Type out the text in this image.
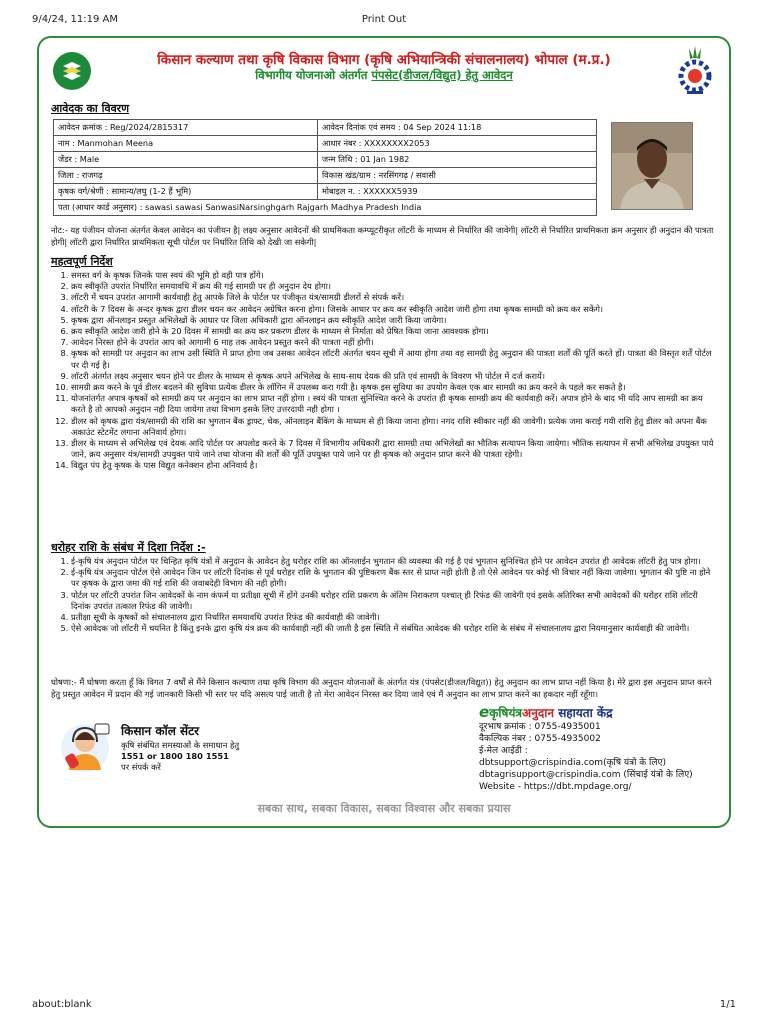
9/4/24, 11:19 AM	Print Out
किसान कल्याण तथा कृषि विकास विभाग (कृषि अभियान्त्रिकी संचालनालय) भोपाल (म.प्र.)
विभागीय योजनाओ अंतर्गत पंपसेट(डीजल/विद्युत) हेतु आवेदन
आवेदक का विवरण
आवेदन क्रमांक : Reg/2024/2815317	आवेदन दिनांक एवं समय : 04 Sep 2024 11:18
नाम : Manmohan Meena	आधार नंबर : XXXXXXXX2053
जेंडर : Male	जन्म तिथि : 01 Jan 1982
जिला : राजगढ़	विकास खंड/ग्राम : नरसिंगगढ़ / सवासी
कृषक वर्ग/श्रेणी : सामान्य/लघु (1-2 हैं भूमि)	मोबाइल न. : XXXXXX5939
पता (आधार कार्ड अनुसार) : sawasi sawasi SanwasiNarsinghgarh Rajgarh Madhya Pradesh India	
नोट:- यह पंजीयन योजना अंतर्गत केवल आवेदन का पंजीयन है| लक्ष्य अनुसार आवेदनों की प्राथमिकता कम्प्यूटरीकृत लॉटरी के माध्यम से निर्धारित की जावेगी| लॉटरी से निर्धारित प्राथमिकता क्रम अनुसार ही अनुदान की पात्रता होगी| लॉटरी द्वारा निर्धारित प्राथमिकता सूची पोर्टल पर निर्धारित तिथि को देखी जा सकेगी|
महत्वपूर्ण निर्देश
1. समस्त वर्ग के कृषक जिनके पास स्वयं की भूमि हो वही पात्र होंगे।
2. क्रय स्वीकृति उपरांत निर्धारित समयावधि में क्रय की गई सामग्री पर ही अनुदान देय होगा।
3. लॉटरी में चयन उपरांत आगामी कार्यवाही हेतु आपके जिले के पोर्टल पर पंजीकृत यंत्र/सामग्री डीलरों से संपर्क करें।
4. लॉटरी के 7 दिवस के अन्दर कृषक द्वारा डीलर चयन कर आवेदन अग्रेषित करना होगा। जिसके आधार पर क्रय कर स्वीकृति आदेश जारी होगा तथा कृषक सामग्री को क्रय कर सकेंगे।
5. कृषक द्वारा ऑनलाइन प्रस्तुत अभिलेखों के आधार पर जिला अधिकारी द्वारा ऑनलाइन क्रय स्वीकृति आदेश जारी किया जायेगा।
6. क्रय स्वीकृति आदेश जारी होने के 20 दिवस में सामग्री का क्रय कर प्रकरण डीलर के माध्यम से निर्माता को प्रेषित किया जाना आवश्यक होगा।
7. आवेदन निरस्त होने के उपरांत आप को आगामी 6 माह तक आवेदन प्रस्तुत करने की पात्रता नहीं होगी।
8. कृषक को सामग्री पर अनुदान का लाभ उसी स्थिति में प्राप्त होगा जब उसका आवेदन लॉटरी अंतर्गत चयन सूची में आया होगा तथा वह सामग्री हेतु अनुदान की पात्रता शर्तों की पूर्ति करते हों। पात्रता की विस्तृत शर्तें पोर्टल पर दी गई है।
9. लॉटरी अंतर्गत लक्ष्य अनुसार चयन होने पर डीलर के माध्यम से कृषक अपने अभिलेख के साथ-साथ देयक की प्रति एवं सामग्री के विवरण भी पोर्टल में दर्ज करायें।
10. सामग्री क्रय करने के पूर्व डीलर बदलने की सुविधा प्रत्येक डीलर के लॉगिन में उपलब्ध करा गयी है। कृषक इस सुविधा का उपयोग केवल एक बार सामग्री का क्रय करने के पहले कर सकते है।
11. योजनांतर्गत अपात्र कृषकों को सामग्री क्रय पर अनुदान का लाभ प्राप्त नहीं होगा । स्वयं की पात्रता सुनिश्चित करने के उपरांत ही कृषक सामग्री क्रय की कार्यवाही करें। अपात्र होने के बाद भी यदि आप सामग्री का क्रय करते है तो आपको अनुदान नही दिया जायेगा तथा विभाग इसके लिए उत्तरदायी नही होगा ।
12. डीलर को कृषक द्वारा यंत्र/सामग्री की राशि का भुगतान बैंक ड्राफ्ट, चेक, ऑनलाइन बैंकिंग के माध्यम से ही किया जाना होगा। नगद राशि स्वीकार नहीं की जावेगी। प्रत्येक जमा कराई गयी राशि हेतु डीलर को अपना बैंक अकाउंट स्टेटमेंट लगाना अनिवार्य होगा।
13. डीलर के माध्यम से अभिलेख एवं देयक आदि पोर्टल पर अपलोड करने के 7 दिवस में विभागीय अधिकारी द्वारा सामग्री तथा अभिलेखों का भौतिक सत्यापन किया जायेगा। भौतिक सत्यापन में सभी अभिलेख उपयुक्त पाये जाने, क्रय अनुसार यंत्र/सामग्री उपयुक्त पाये जाने तथा योजना की शर्तों की पूर्ति उपयुक्त पाये जाने पर ही कृषक को अनुदान प्राप्त करने की पात्रता रहेगी।
14. विद्युत पंप हेतु कृषक के पास विद्युत कनेक्शन होना अनिवार्य है।
धरोहर राशि के संबंध में दिशा निर्देश :-
1. ई-कृषि यंत्र अनुदान पोर्टल पर चिन्हित कृषि यंत्रों में अनुदान के आवेदन हेतु धरोहर राशि का ऑनलाईन भुगतान की व्यवस्था की गई है एवं भुगतान सुनिश्चित होने पर आवेदन उपरांत ही आवेदक लॉटरी हेतु पात्र होगा।
2. ई-कृषि यंत्र अनुदान पोर्टल ऐसे आवेदन जिन पर लॉटरी दिनांक से पूर्व धरोहर राशि के भुगतान की पुष्टिकरण बैंक स्तर से प्राप्त नही होती है तो ऐसे आवेदन पर कोई भी विचार नहीं किया जावेगा। भुगतान की पुष्टि ना होने पर कृषक के द्वारा जमा की गई राशि की जवाबदेही विभाग की नही होगी।
3. पोर्टल पर लॉटरी उपरांत जिन आवेदकों के नाम कंफर्म या प्रतीक्षा सूची में होंगे उनकी धरोहर राशि प्रकरण के अंतिम निराकरण पश्चात् ही रिफंड की जावेगी एवं इसके अतिरिक्त सभी आवेदकों की धरोहर राशि लॉटरी दिनांक उपरांत तत्काल रिफंड की जावेगी।
4. प्रतीक्षा सूची के कृषकों को संचालनालय द्वारा निर्धारित समयावधि उपरांत रिफंड की कार्यवाही की जावेगी।
5. ऐसे आवेदक जो लॉटरी में चयनित है किंतु इनके द्वारा कृषि यंत्र क्रय की कार्यवाही नहीं की जाती है इस स्थिति में संबंधित आवेदक की धरोहर राशि के संबंध में संचालनालय द्वारा नियमानुसार कार्यवाही की जावेगी।
घोषणा:- मैं घोषणा करता हूँ कि विगत 7 वर्षों से मैंने किसान कल्याण तथा कृषि विभाग की अनुदान योजनाओं के अंतर्गत यंत्र (पंपसेट(डीजल/विद्युत)) हेतु अनुदान का लाभ प्राप्त नहीं किया है। मेरे द्वारा इस अनुदान प्राप्त करने हेतु प्रस्तुत आवेदन में प्रदान की गई जानकारी किसी भी स्तर पर यदि असत्य पाई जाती है तो मेरा आवेदन निरस्त कर दिया जावे एवं मैं अनुदान का लाभ प्राप्त करने का हकदार नहीं रहूँगा।
किसान कॉल सेंटर
कृषि संबंधित समस्याओं के समाधान हेतु
1551 or 1800 180 1551
पर संपर्क करें
eकृषियंत्रअनुदान सहायता केंद्र
दूरभाष क्रमांक : 0755-4935001
वैकल्पिक नंबर : 0755-4935002
ई-मेल आईडी :
dbtsupport@crispindia.com(कृषि यंत्रो के लिए)
dbtagrisupport@crispindia.com (सिंचाई यंत्रो के लिए)
Website - https://dbt.mpdage.org/
सबका साथ, सबका विकास, सबका विश्वास और सबका प्रयास
about:blank	1/1
